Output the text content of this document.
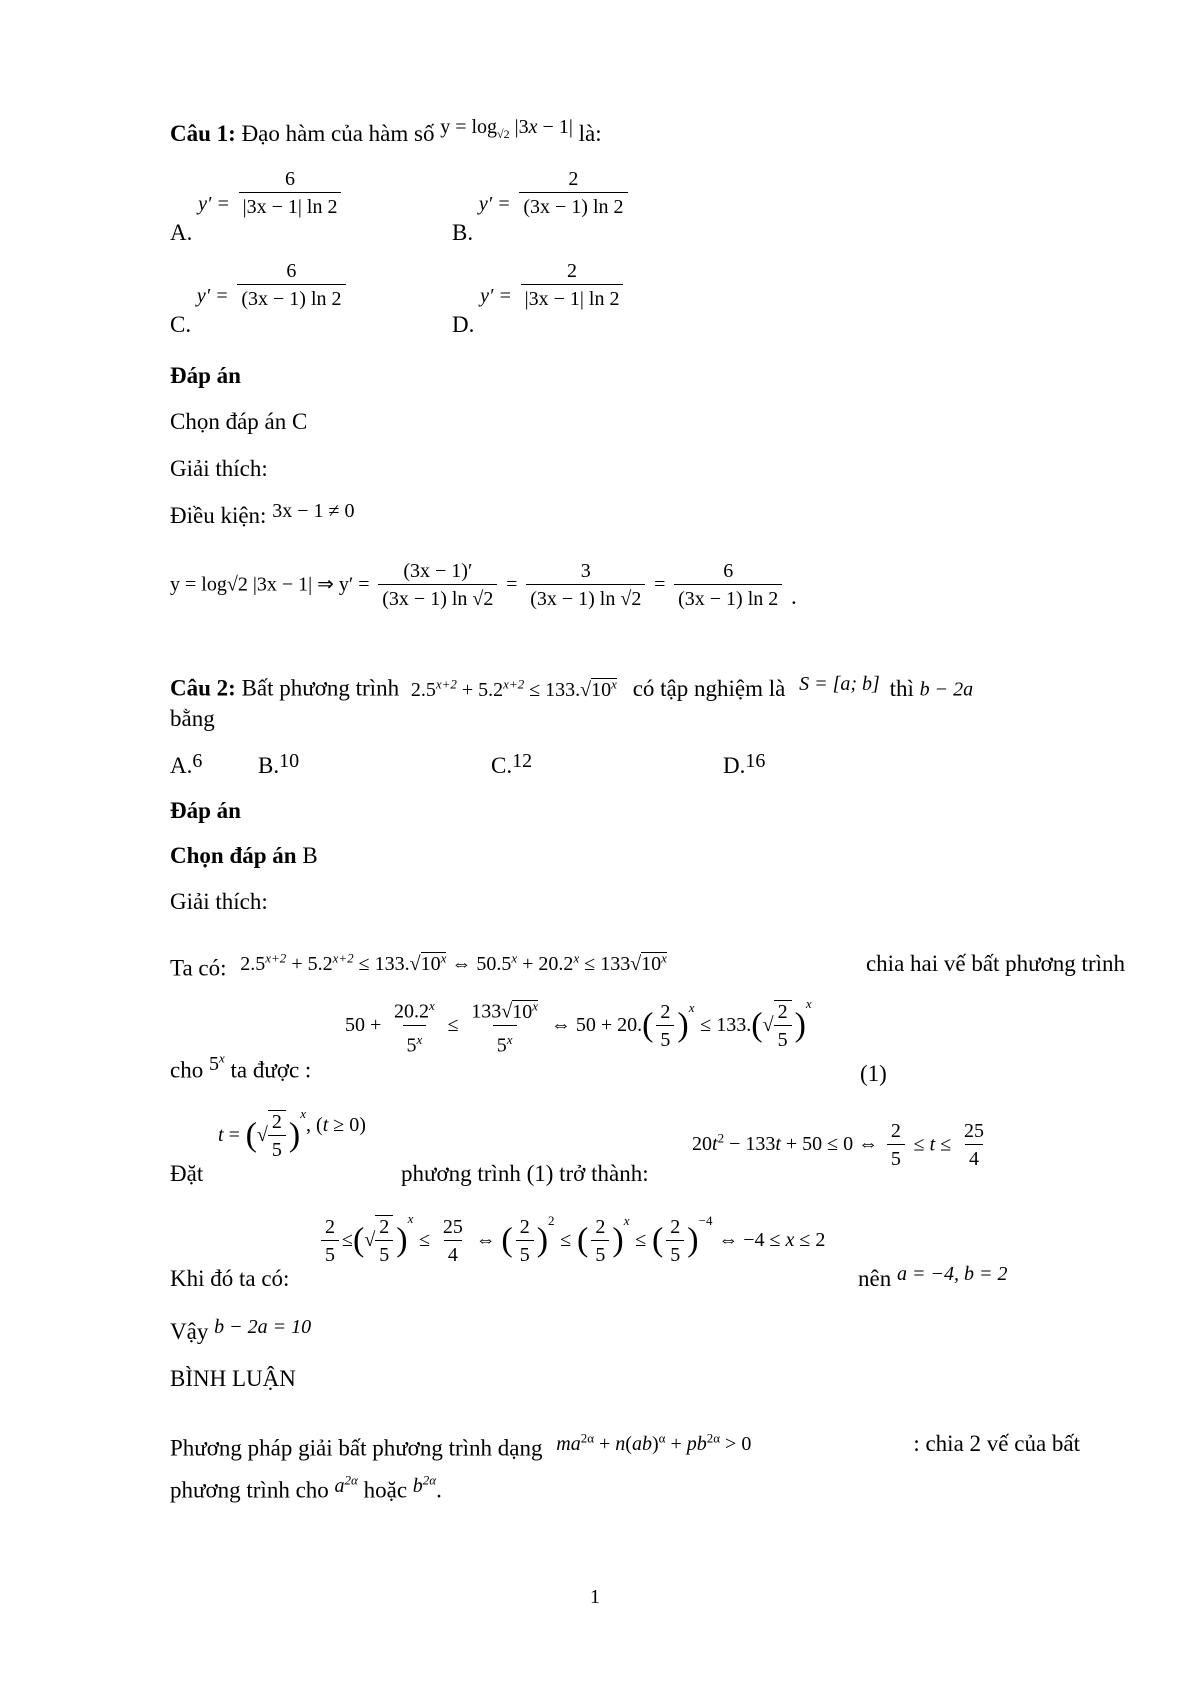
Câu 1: Đạo hàm của hàm số $y = \log_{√2} |3x - 1|$ là:
A. $y' = \frac{6}{|3x - 1| \ln 2}$
B. $y' = \frac{2}{(3x - 1) \ln 2}$
C. $y' = \frac{6}{(3x - 1) \ln 2}$
D. $y' = \frac{2}{|3x - 1| \ln 2}$
Đáp án
Chọn đáp án C
Giải thích:
Điều kiện: 3x − 1 ≠ 0
y = log√2 |3x − 1| ⇒ $y' = \frac{(3x - 1)'}{(3x - 1) \ln √2} = \frac{3}{(3x - 1) \ln √2} = \frac{6}{(3x - 1) \ln 2}$ .
Câu 2: Bất phương trình $2.5^{x+2} + 5.2^{x+2} \le 133.√10^x$ có tập nghiệm là S = [a; b] thì b − 2a
bằng
A.6 B.10	C.12	D.16
Đáp án
Chọn đáp án B
Giải thích:
Ta có: $2.5^{x+2} + 5.2^{x+2} \le 133.√10^x$ ⇔ $50.5^x + 20.2^x \le 133√10^x$	chia hai vế bất phương trình
cho 5$^x$ ta được :
$50 + \frac{20.2^x}{5^x} \le \frac{133√10^x}{5^x}$ ⇔ $50 + 20.( \frac{2}{5} )^x \le 133.(√ \frac{2}{5} )^x$
(1)
Đặt
t = (√ $\frac{2}{5} )^x$, (t ≥ 0)
phương trình (1) trở thành:
$20t^2 - 133t + 50 \le 0$ ⇔ $\frac{2}{5} \le t \le \frac{25}{4}$
Khi đó ta có:
$\frac{2}{5}$ ≤(√ $\frac{2}{5} )^x \le \frac{25}{4}$ ⇔ ( $\frac{2}{5} )^2$ ≤ ( $\frac{2}{5} )^x$ ≤ ( $\frac{2}{5} )^{-4}$ ⇔ −4 ≤ x ≤ 2
nên a = −4, b = 2
Vậy b − 2a = 10
BÌNH LUẬN
Phương pháp giải bất phương trình dạng $ma^{2\alpha} + n(ab)^\alpha + pb^{2\alpha} > 0$	: chia 2 vế của bất
phương trình cho $a^{2\alpha}$ hoặc $b^{2\alpha}$.
1
